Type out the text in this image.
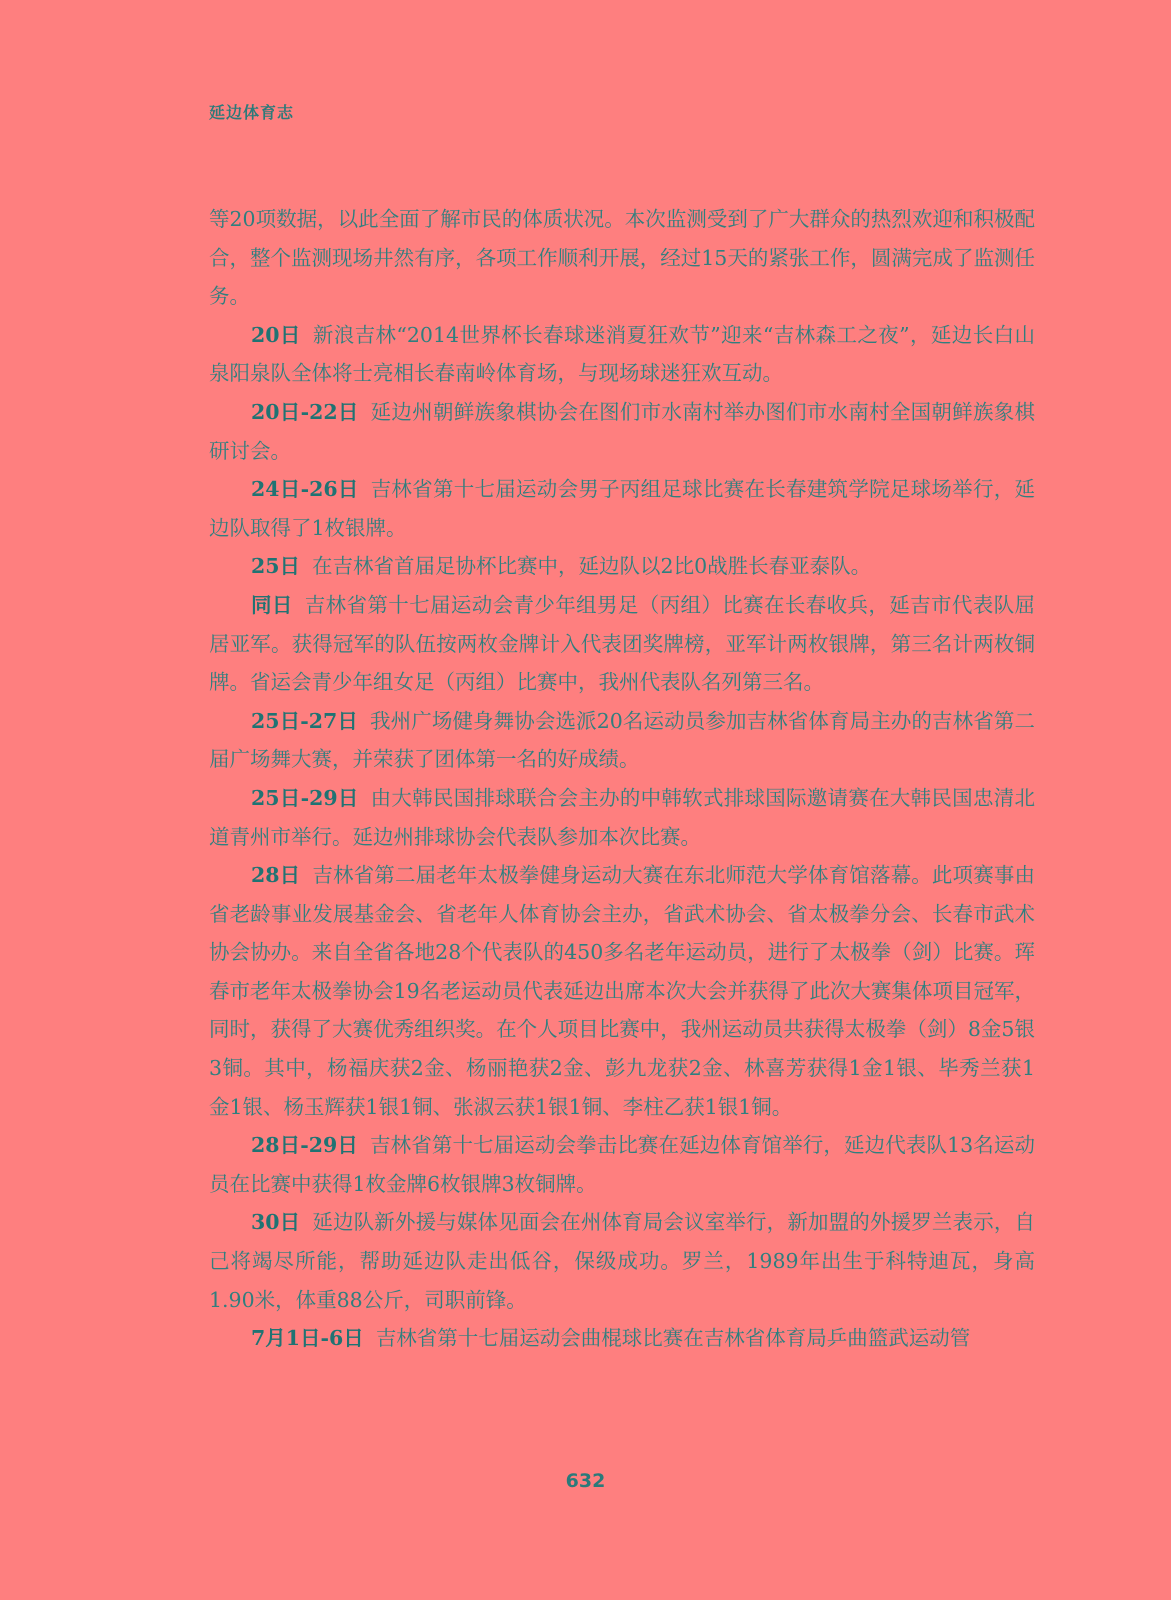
延边体育志

等20项数据，以此全面了解市民的体质状况。本次监测受到了广大群众的热烈欢迎和积极配合，整个监测现场井然有序，各项工作顺利开展，经过15天的紧张工作，圆满完成了监测任务。

20日 新浪吉林“2014世界杯长春球迷消夏狂欢节”迎来“吉林森工之夜”，延边长白山泉阳泉队全体将士亮相长春南岭体育场，与现场球迷狂欢互动。

20日-22日 延边州朝鲜族象棋协会在图们市水南村举办图们市水南村全国朝鲜族象棋研讨会。

24日-26日 吉林省第十七届运动会男子丙组足球比赛在长春建筑学院足球场举行，延边队取得了1枚银牌。

25日 在吉林省首届足协杯比赛中，延边队以2比0战胜长春亚泰队。

同日 吉林省第十七届运动会青少年组男足（丙组）比赛在长春收兵，延吉市代表队屈居亚军。获得冠军的队伍按两枚金牌计入代表团奖牌榜，亚军计两枚银牌，第三名计两枚铜牌。省运会青少年组女足（丙组）比赛中，我州代表队名列第三名。

25日-27日 我州广场健身舞协会选派20名运动员参加吉林省体育局主办的吉林省第二届广场舞大赛，并荣获了团体第一名的好成绩。

25日-29日 由大韩民国排球联合会主办的中韩软式排球国际邀请赛在大韩民国忠清北道青州市举行。延边州排球协会代表队参加本次比赛。

28日 吉林省第二届老年太极拳健身运动大赛在东北师范大学体育馆落幕。此项赛事由省老龄事业发展基金会、省老年人体育协会主办，省武术协会、省太极拳分会、长春市武术协会协办。来自全省各地28个代表队的450多名老年运动员，进行了太极拳（剑）比赛。珲春市老年太极拳协会19名老运动员代表延边出席本次大会并获得了此次大赛集体项目冠军，同时，获得了大赛优秀组织奖。在个人项目比赛中，我州运动员共获得太极拳（剑）8金5银3铜。其中，杨福庆获2金、杨丽艳获2金、彭九龙获2金、林喜芳获得1金1银、毕秀兰获1金1银、杨玉辉获1银1铜、张淑云获1银1铜、李柱乙获1银1铜。

28日-29日 吉林省第十七届运动会拳击比赛在延边体育馆举行，延边代表队13名运动员在比赛中获得1枚金牌6枚银牌3枚铜牌。

30日 延边队新外援与媒体见面会在州体育局会议室举行，新加盟的外援罗兰表示，自己将竭尽所能，帮助延边队走出低谷，保级成功。罗兰，1989年出生于科特迪瓦，身高1.90米，体重88公斤，司职前锋。

7月1日-6日 吉林省第十七届运动会曲棍球比赛在吉林省体育局乒曲篮武运动管

632
